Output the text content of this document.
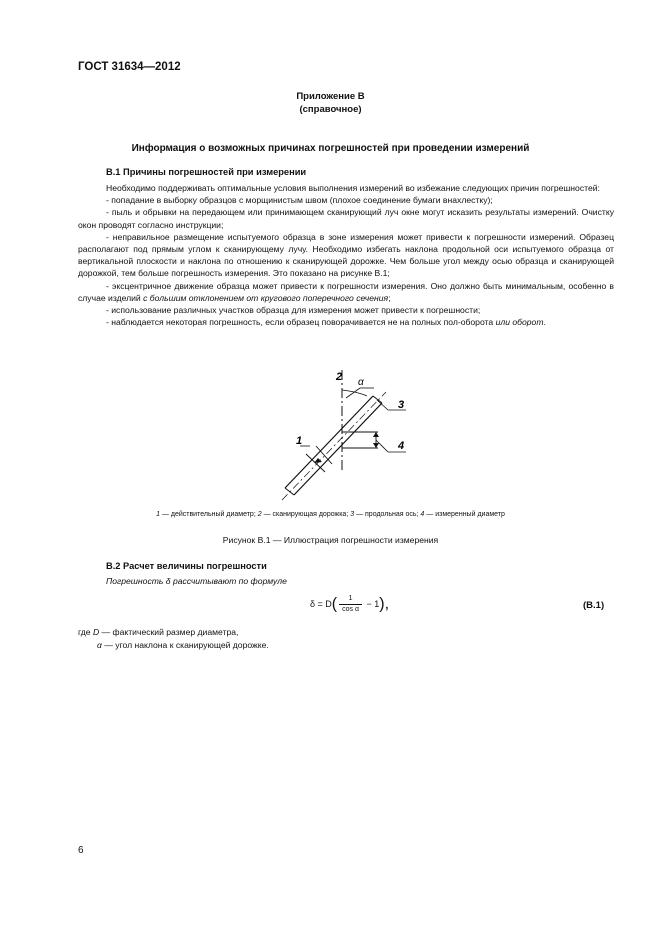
ГОСТ 31634—2012
Приложение В
(справочное)
Информация о возможных причинах погрешностей при проведении измерений
В.1 Причины погрешностей при измерении

Необходимо поддерживать оптимальные условия выполнения измерений во избежание следующих причин погрешностей:

- попадание в выборку образцов с морщинистым швом (плохое соединение бумаги внахлестку);

- пыль и обрывки на передающем или принимающем сканирующий луч окне могут исказить результаты измерений. Очистку окон проводят согласно инструкции;

- неправильное размещение испытуемого образца в зоне измерения может привести к погрешности измерений. Образец располагают под прямым углом к сканирующему лучу. Необходимо избегать наклона продольной оси испытуемого образца от вертикальной плоскости и наклона по отношению к сканирующей дорожке. Чем больше угол между осью образца и сканирующей дорожкой, тем больше погрешность измерения. Это показано на рисунке В.1;

- эксцентричное движение образца может привести к погрешности измерения. Оно должно быть минимальным, особенно в случае изделий с большим отклонением от кругового поперечного сечения;

- использование различных участков образца для измерения может привести к погрешности;

- наблюдается некоторая погрешность, если образец поворачивается не на полных пол-оборота или оборот.

2 α
3
4
1
1 — действительный диаметр; 2 — сканирующая дорожка; 3 — продольная ось; 4 — измеренный диаметр
Рисунок В.1 — Иллюстрация погрешности измерения
В.2 Расчет величины погрешности
Погрешность δ рассчитывают по формуле
$\delta = D( \frac{1}{\text{cos α}} - 1)$,	(В.1)
где D — фактический размер диаметра,
α — угол наклона к сканирующей дорожке.
6
